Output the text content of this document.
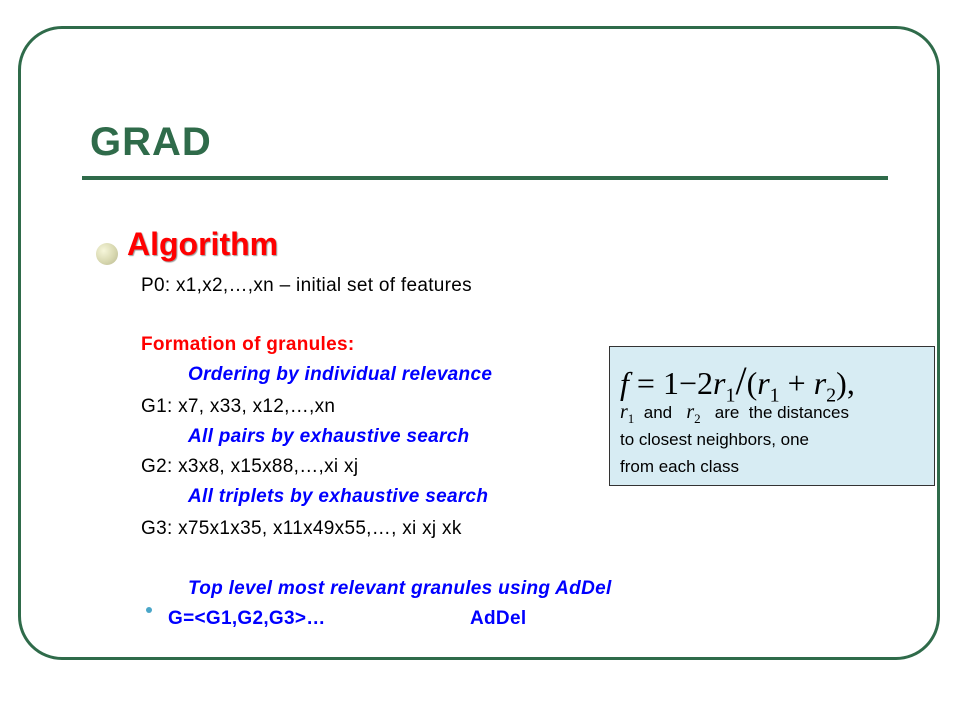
GRAD
Algorithm
P0: x1,x2,…,xn – initial set of features
Formation of granules:
Ordering by individual relevance
G1: x7, x33, x12,…,xn
All pairs by exhaustive search
G2: x3x8, x15x88,…,xi xj
All triplets by exhaustive search
G3: x75x1x35, x11x49x55,…, xi xj xk
Top level most relevant granules using AdDel
G=<G1,G2,G3>…	AdDel
$f = 1-2r_1/(r_1 + r_2)$,
$r_1$  and   $r_2$   are  the distances
to closest neighbors, one
from each class
